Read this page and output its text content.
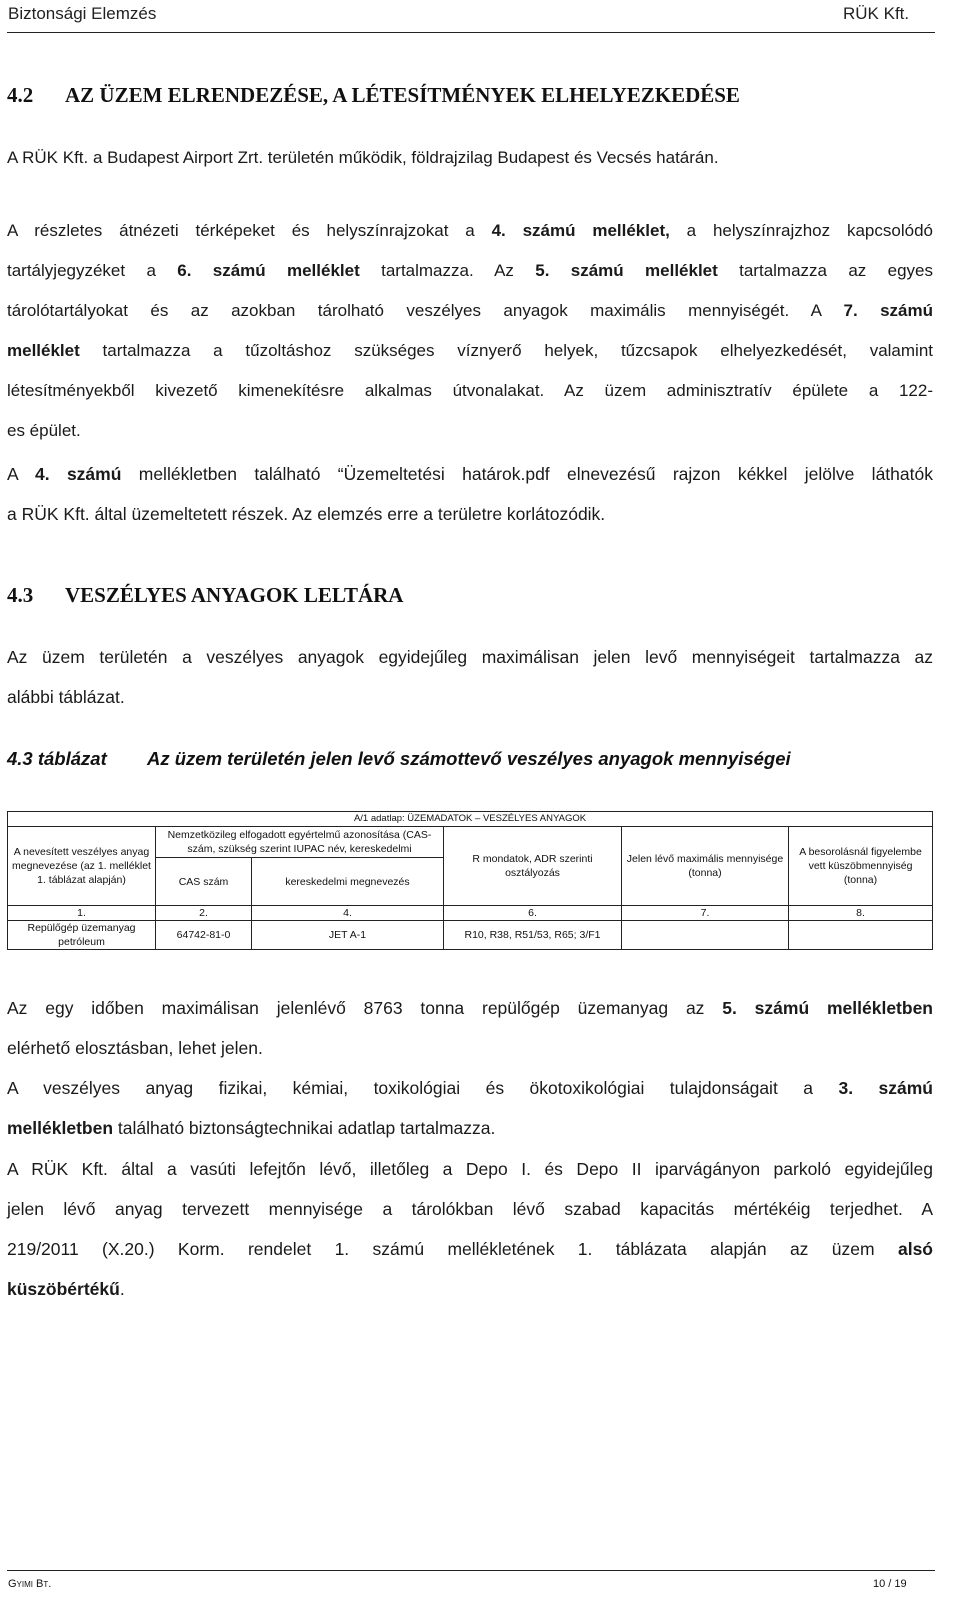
Biztonsági Elemzés	RÜK Kft.
4.2 AZ ÜZEM ELRENDEZÉSE, A LÉTESÍTMÉNYEK ELHELYEZKEDÉSE
A RÜK Kft. a Budapest Airport Zrt. területén működik, földrajzilag Budapest és Vecsés határán.
A részletes átnézeti térképeket és helyszínrajzokat a 4. számú melléklet, a helyszínrajzhoz kapcsolódó
tartályjegyzéket a 6. számú melléklet tartalmazza. Az 5. számú melléklet tartalmazza az egyes
tárolótartályokat és az azokban tárolható veszélyes anyagok maximális mennyiségét. A 7. számú
melléklet tartalmazza a tűzoltáshoz szükséges víznyerő helyek, tűzcsapok elhelyezkedését, valamint
létesítményekből kivezető kimenekítésre alkalmas útvonalakat. Az üzem adminisztratív épülete a 122-
es épület.
A 4. számú mellékletben található “Üzemeltetési határok.pdf elnevezésű rajzon kékkel jelölve láthatók
a RÜK Kft. által üzemeltetett részek. Az elemzés erre a területre korlátozódik.
4.3 VESZÉLYES ANYAGOK LELTÁRA
Az üzem területén a veszélyes anyagok egyidejűleg maximálisan jelen levő mennyiségeit tartalmazza az
alábbi táblázat.
4.3 táblázat Az üzem területén jelen levő számottevő veszélyes anyagok mennyiségei
A/1 adatlap: ÜZEMADATOK – VESZÉLYES ANYAGOK					
A nevesített veszélyes anyag megnevezése (az 1. melléklet 1. táblázat alapján)	Nemzetközileg elfogadott egyértelmű azonosítása (CAS-szám, szükség szerint IUPAC név, kereskedelmi		R mondatok, ADR szerinti osztályozás	Jelen lévő maximális mennyisége (tonna)	A besorolásnál figyelembe vett küszöbmennyiség (tonna)
	CAS szám	kereskedelmi megnevezés			
1.	2.	4.	6.	7.	8.
Repülőgép üzemanyag petróleum	64742-81-0	JET A-1	R10, R38, R51/53, R65; 3/F1		
Az egy időben maximálisan jelenlévő 8763 tonna repülőgép üzemanyag az 5. számú mellékletben
elérhető elosztásban, lehet jelen.
A veszélyes anyag fizikai, kémiai, toxikológiai és ökotoxikológiai tulajdonságait a 3. számú
mellékletben található biztonságtechnikai adatlap tartalmazza.
A RÜK Kft. által a vasúti lefejtőn lévő, illetőleg a Depo I. és Depo II iparvágányon parkoló egyidejűleg
jelen lévő anyag tervezett mennyisége a tárolókban lévő szabad kapacitás mértékéig terjedhet. A
219/2011 (X.20.) Korm. rendelet 1. számú mellékletének 1. táblázata alapján az üzem alsó
küszöbértékű.
Gyimi Bt.	10 / 19
